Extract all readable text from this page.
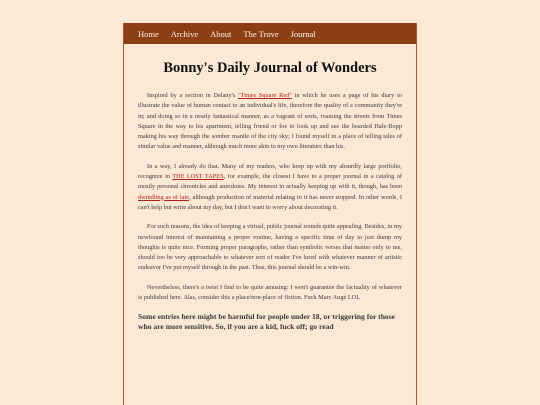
Home Archive About The Trove Journal
Bonny's Daily Journal of Wonders

Inspired by a section in Delany's "Times Square Red" in which he uses a page of his diary to illustrate the value of human contact to an individual's life, therefore the quality of a community they're in; and doing so in a nearly fantastical manner, as a vagrant of sorts, roaming the streets from Times Square in the way to his apartment, telling friend or foe to look up and see the bearded Hale-Bopp making his way through the somber mantle of the city sky; I found myself in a place of telling tales of similar value and manner, although much more akin to my own literature than his.

In a way, I already do that. Many of my readers, who keep up with my absurdly large portfolio, recognize in THE LOST TAPES, for example, the closest I have to a proper journal in a catalog of mostly personal chronicles and anecdotes. My interest in actually keeping up with it, though, has been dwindling as of late, although production of material relating to it has never stopped. In other words, I can't help but write about my day, but I don't want to worry about decorating it.

For such reasons, the idea of keeping a virtual, public journal sounds quite appealing. Besides, in my newfound interest of maintaining a proper routine, having a specific time of day to just dump my thoughts is quite nice. Forming proper paragraphs, rather than symbolic verses that matter only to me, should too be very approachable to whatever sort of reader I've lured with whatever manner of artistic endeavor I've put myself through in the past. Thus, this journal should be a win-win.

Nevertheless, there's a twist I find to be quite amusing: I won't guarantee the factuality of whatever is published here. Alas, consider this a place/non-place of fiction. Fuck Marc Augé LOL

Some entries here might be harmful for people under 18, or triggering for those who are more sensitive. So, if you are a kid, fuck off; go read
